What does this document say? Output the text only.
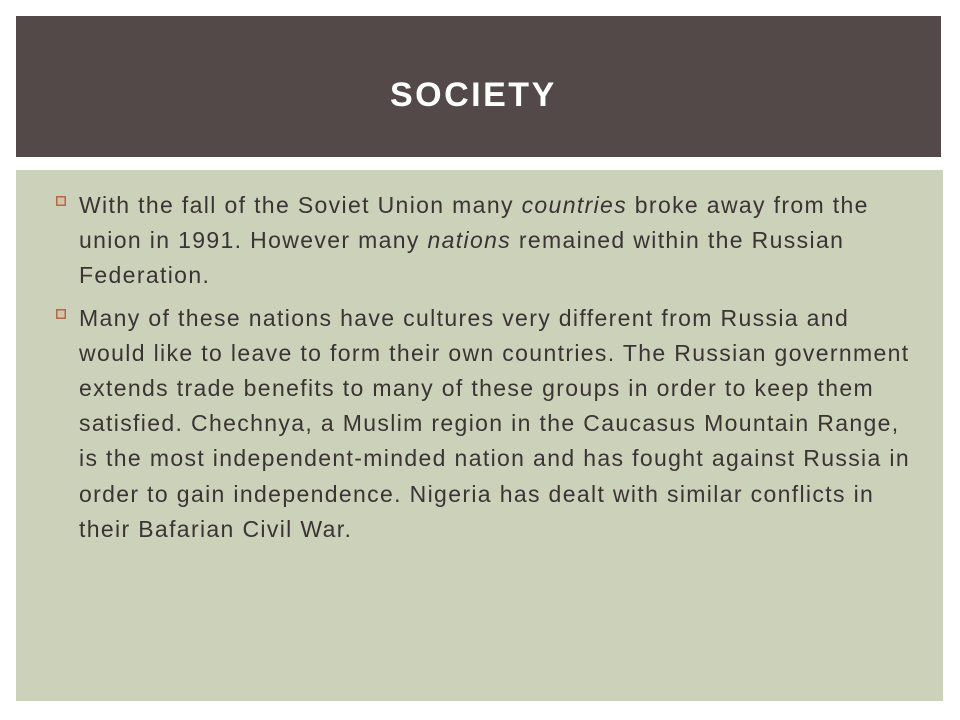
SOCIETY
With the fall of the Soviet Union many countries broke away from the union in 1991. However many nations remained within the Russian Federation.
Many of these nations have cultures very different from Russia and would like to leave to form their own countries. The Russian government extends trade benefits to many of these groups in order to keep them satisfied. Chechnya, a Muslim region in the Caucasus Mountain Range, is the most independent-minded nation and has fought against Russia in order to gain independence. Nigeria has dealt with similar conflicts in their Bafarian Civil War.
